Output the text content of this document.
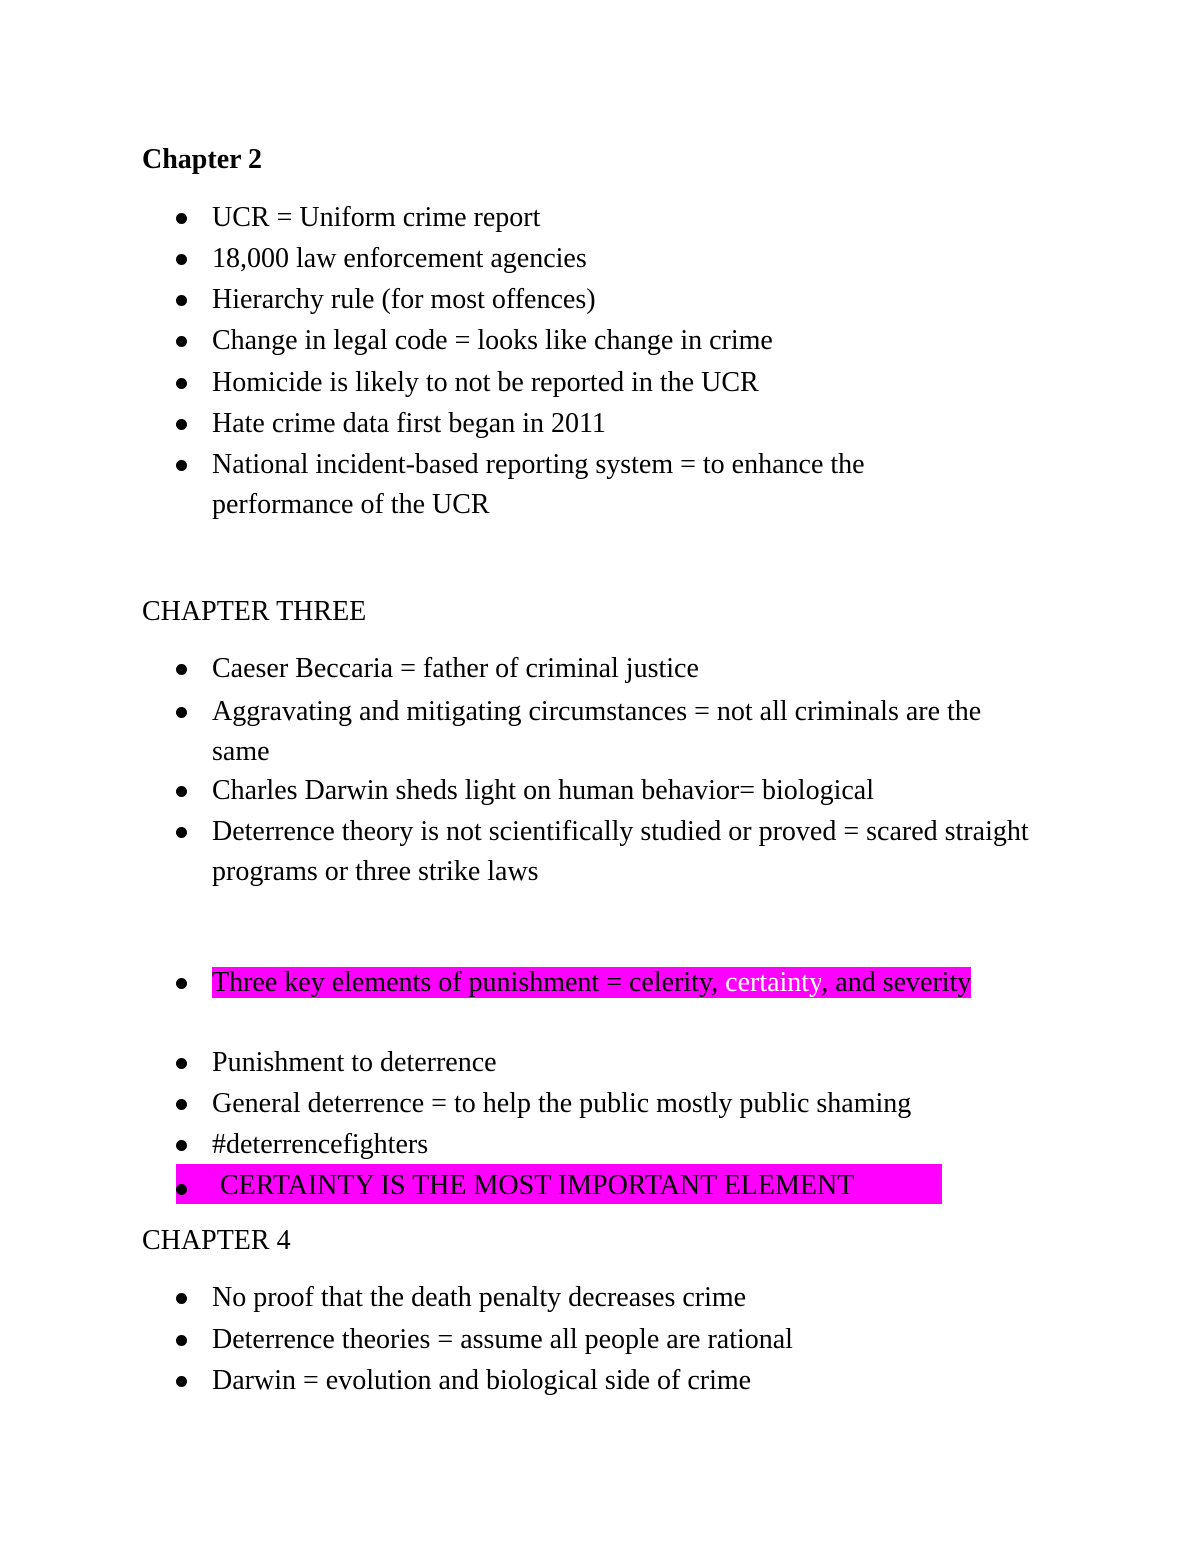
Chapter 2
UCR = Uniform crime report
18,000 law enforcement agencies
Hierarchy rule (for most offences)
Change in legal code = looks like change in crime
Homicide is likely to not be reported in the UCR
Hate crime data first began in 2011
National incident-based reporting system = to enhance the performance of the UCR
CHAPTER THREE
Caeser Beccaria = father of criminal justice
Aggravating and mitigating circumstances = not all criminals are the same
Charles Darwin sheds light on human behavior= biological
Deterrence theory is not scientifically studied or proved = scared straight programs or three strike laws
Three key elements of punishment = celerity, certainty, and severity
Punishment to deterrence
General deterrence = to help the public mostly public shaming
#deterrencefighters
CERTAINTY IS THE MOST IMPORTANT ELEMENT
CHAPTER 4
No proof that the death penalty decreases crime
Deterrence theories = assume all people are rational
Darwin = evolution and biological side of crime
